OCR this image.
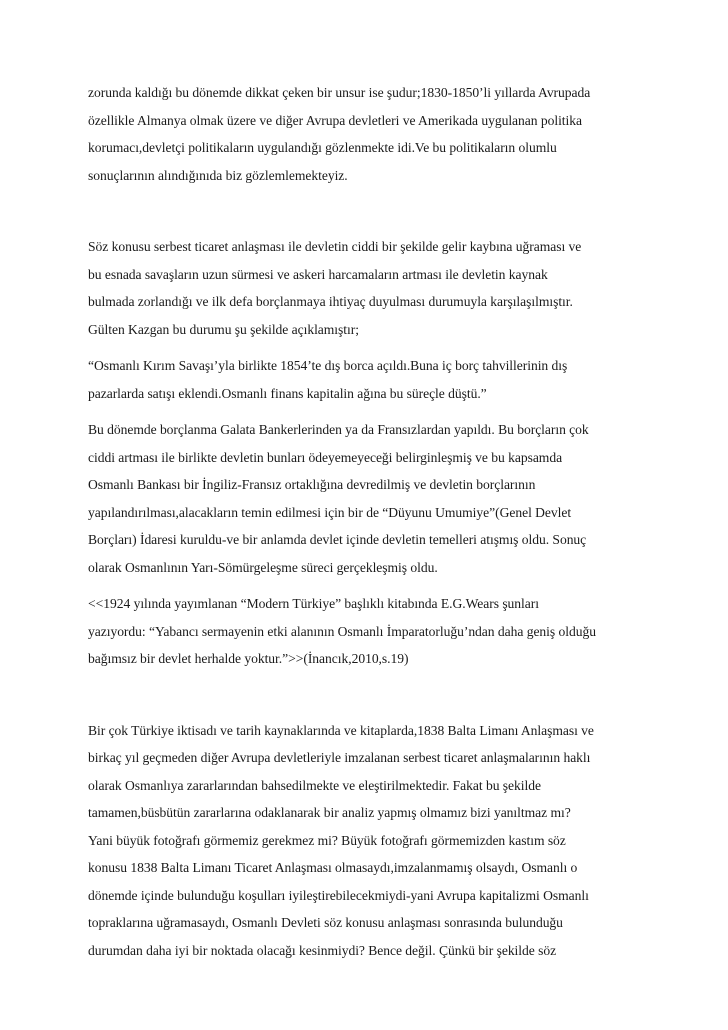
zorunda kaldığı bu dönemde dikkat çeken bir unsur ise şudur;1830-1850’li yıllarda Avrupada
özellikle Almanya olmak üzere ve diğer Avrupa devletleri ve Amerikada uygulanan politika
korumacı,devletçi politikaların uygulandığı gözlenmekte idi.Ve bu politikaların olumlu
sonuçlarının alındığınıda biz gözlemlemekteyiz.
Söz konusu serbest ticaret anlaşması ile devletin ciddi bir şekilde gelir kaybına uğraması ve
bu esnada savaşların uzun sürmesi ve askeri harcamaların artması ile devletin kaynak
bulmada zorlandığı ve ilk defa borçlanmaya ihtiyaç duyulması durumuyla karşılaşılmıştır.
Gülten Kazgan bu durumu şu şekilde açıklamıştır;
“Osmanlı Kırım Savaşı’yla birlikte 1854’te dış borca açıldı.Buna iç borç tahvillerinin dış
pazarlarda satışı eklendi.Osmanlı finans kapitalin ağına bu süreçle düştü.”
Bu dönemde borçlanma Galata Bankerlerinden ya da Fransızlardan yapıldı. Bu borçların çok
ciddi artması ile birlikte devletin bunları ödeyemeyeceği belirginleşmiş ve bu kapsamda
Osmanlı Bankası bir İngiliz-Fransız ortaklığına devredilmiş ve devletin borçlarının
yapılandırılması,alacakların temin edilmesi için bir de “Düyunu Umumiye”(Genel Devlet
Borçları) İdaresi kuruldu-ve bir anlamda devlet içinde devletin temelleri atışmış oldu. Sonuç
olarak Osmanlının Yarı-Sömürgeleşme süreci gerçekleşmiş oldu.
<<1924 yılında yayımlanan “Modern Türkiye” başlıklı kitabında E.G.Wears şunları
yazıyordu: “Yabancı sermayenin etki alanının Osmanlı İmparatorluğu’ndan daha geniş olduğu
bağımsız bir devlet herhalde yoktur.”>>(İnancık,2010,s.19)
Bir çok Türkiye iktisadı ve tarih kaynaklarında ve kitaplarda,1838 Balta Limanı Anlaşması ve
birkaç yıl geçmeden diğer Avrupa devletleriyle imzalanan serbest ticaret anlaşmalarının haklı
olarak Osmanlıya zararlarından bahsedilmekte ve eleştirilmektedir. Fakat bu şekilde
tamamen,büsbütün zararlarına odaklanarak bir analiz yapmış olmamız bizi yanıltmaz mı?
Yani büyük fotoğrafı görmemiz gerekmez mi? Büyük fotoğrafı görmemizden kastım söz
konusu 1838 Balta Limanı Ticaret Anlaşması olmasaydı,imzalanmamış olsaydı, Osmanlı o
dönemde içinde bulunduğu koşulları iyileştirebilecekmiydi-yani Avrupa kapitalizmi Osmanlı
topraklarına uğramasaydı, Osmanlı Devleti söz konusu anlaşması sonrasında bulunduğu
durumdan daha iyi bir noktada olacağı kesinmiydi? Bence değil. Çünkü bir şekilde söz
